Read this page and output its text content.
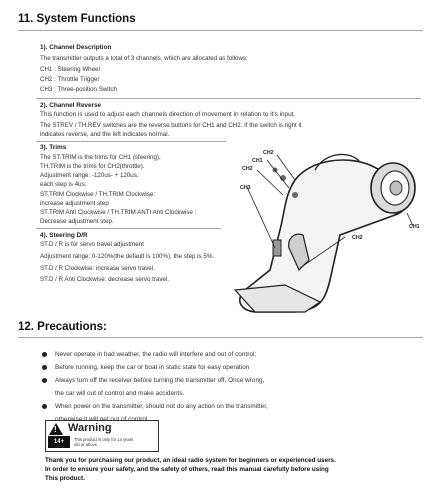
11. System Functions
1). Channel Description
The transmitter outputs a total of 3 channels, which are allocated as follows:
CH1 : Steering Wheel
CH2 : Throttle Trigger
CH3 : Three-position Switch
2). Channel Reverse
This function is used to adjust each channels direction of movement in relation to it's input.
The STREV / TH.REV switches are the reverse buttons for CH1 and CH2. If the switch is right it
indicates reverse, and the left indicates normal.
3). Trims
The ST.TRIM is the trims for CH1 (steering),
TH.TRIM is the trims for CH2(throttle).
Adjustment range: -120us- + 120us,
each step is 4us;
ST.TRIM Clockwise / TH.TRIM Clockwise:
increase adjustment step
ST.TRIM Anti Clockwise / TH.TRIM ANTI Anti Clockwise :
Decrease adjustment step.
4). Steering D/R
ST.D / R is for servo travel adjustment
Adjustment range: 0-120%(the default is 100%), the step is 5%.
ST.D / R Clockwise: increase servo travel.
ST.D / R Anti Clockwise: decrease servo travel.
CH2
CH1
CH2
CH3
CH1
CH2
12. Precautions:
Never operate in bad weather, the radio will interfere and out of control;
Before running, keep the car or boat in static state for easy operation
Always turn off the receiver before turning the transmitter off. Once wrong,
the car will out of control and make accidents.
When power on the transmitter, should not do any action on the transmitter,
! Warning
14+	This product is only for 14 years
old or above
Thank you for purchasing our product, an ideal radio system for beginners or experienced users.
In order to ensure your safety, and the safety of others, read this manual carefully before using
This product.
